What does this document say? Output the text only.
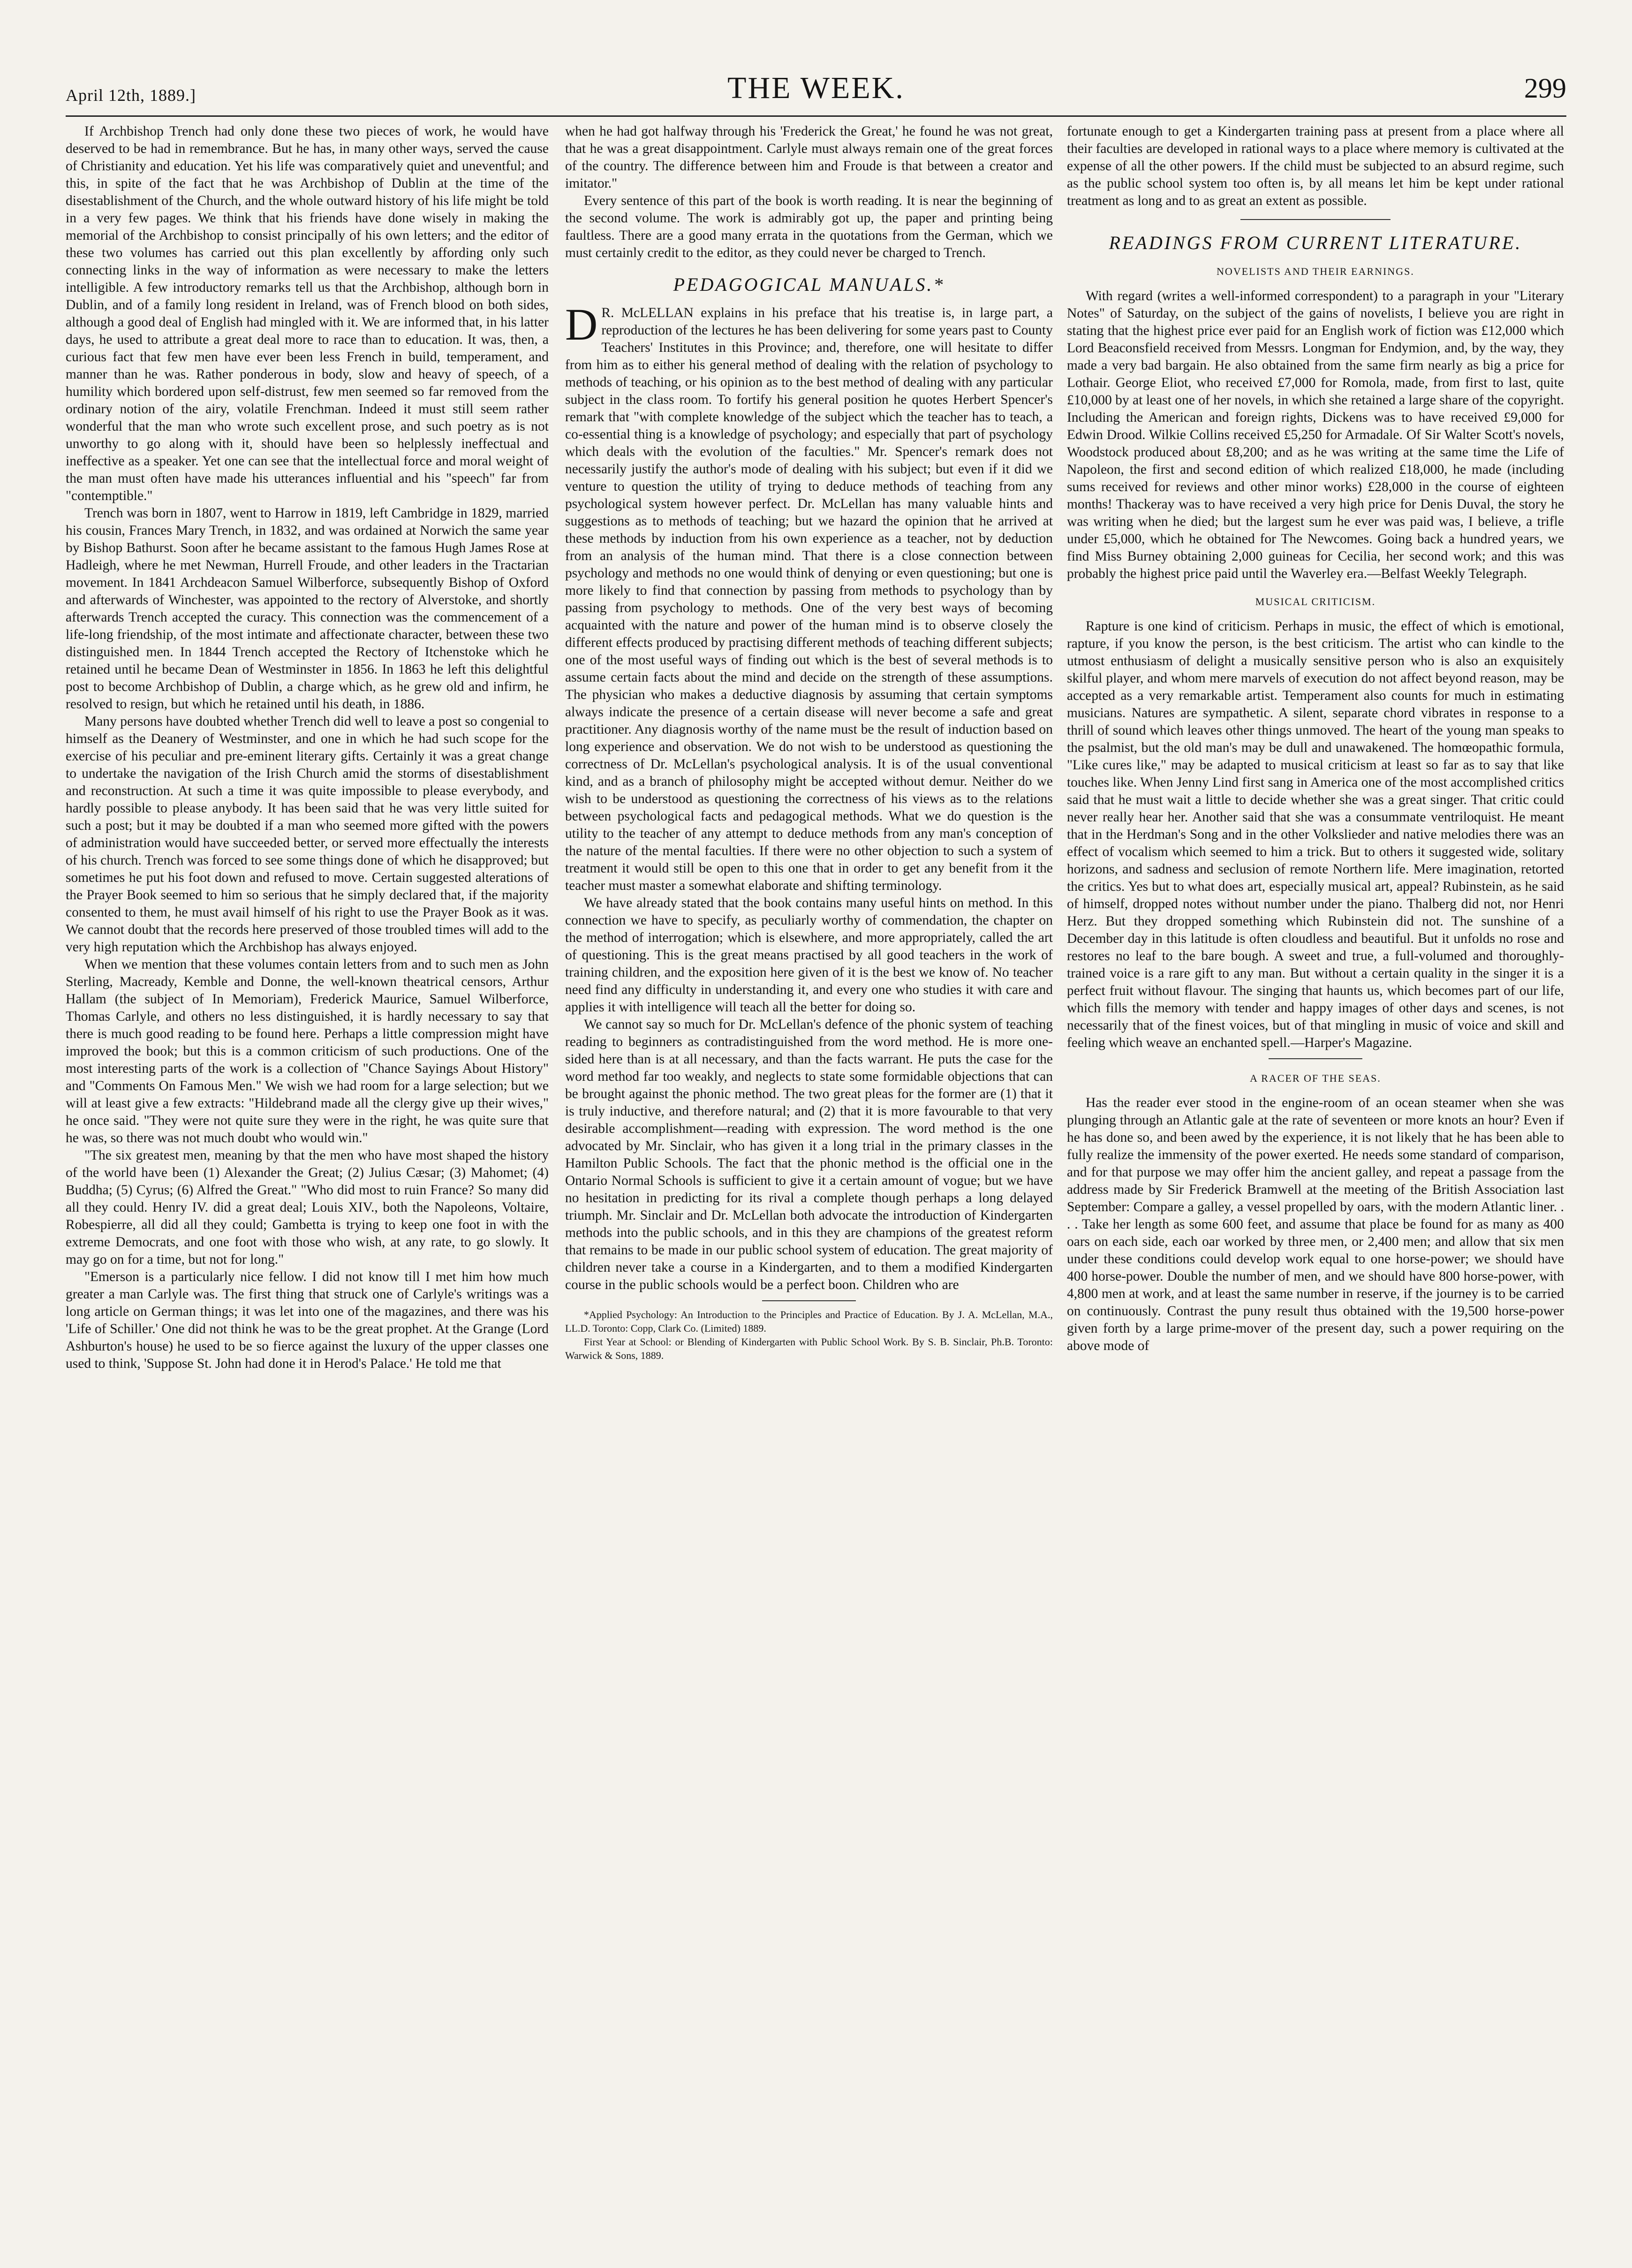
April 12th, 1889.]	THE WEEK.	299

If Archbishop Trench had only done these two pieces of work, he would have deserved to be had in remembrance. But he has, in many other ways, served the cause of Christianity and education. Yet his life was comparatively quiet and uneventful; and this, in spite of the fact that he was Archbishop of Dublin at the time of the disestablishment of the Church, and the whole outward history of his life might be told in a very few pages. We think that his friends have done wisely in making the memorial of the Archbishop to consist principally of his own letters; and the editor of these two volumes has carried out this plan excellently by affording only such connecting links in the way of information as were necessary to make the letters intelligible. A few introductory remarks tell us that the Archbishop, although born in Dublin, and of a family long resident in Ireland, was of French blood on both sides, although a good deal of English had mingled with it. We are informed that, in his latter days, he used to attribute a great deal more to race than to education. It was, then, a curious fact that few men have ever been less French in build, temperament, and manner than he was. Rather ponderous in body, slow and heavy of speech, of a humility which bordered upon self-distrust, few men seemed so far removed from the ordinary notion of the airy, volatile Frenchman. Indeed it must still seem rather wonderful that the man who wrote such excellent prose, and such poetry as is not unworthy to go along with it, should have been so helplessly ineffectual and ineffective as a speaker. Yet one can see that the intellectual force and moral weight of the man must often have made his utterances influential and his "speech" far from "contemptible."

Trench was born in 1807, went to Harrow in 1819, left Cambridge in 1829, married his cousin, Frances Mary Trench, in 1832, and was ordained at Norwich the same year by Bishop Bathurst. Soon after he became assistant to the famous Hugh James Rose at Hadleigh, where he met Newman, Hurrell Froude, and other leaders in the Tractarian movement. In 1841 Archdeacon Samuel Wilberforce, subsequently Bishop of Oxford and afterwards of Winchester, was appointed to the rectory of Alverstoke, and shortly afterwards Trench accepted the curacy. This connection was the commencement of a life-long friendship, of the most intimate and affectionate character, between these two distinguished men. In 1844 Trench accepted the Rectory of Itchenstoke which he retained until he became Dean of Westminster in 1856. In 1863 he left this delightful post to become Archbishop of Dublin, a charge which, as he grew old and infirm, he resolved to resign, but which he retained until his death, in 1886.

Many persons have doubted whether Trench did well to leave a post so congenial to himself as the Deanery of Westminster, and one in which he had such scope for the exercise of his peculiar and pre-eminent literary gifts. Certainly it was a great change to undertake the navigation of the Irish Church amid the storms of disestablishment and reconstruction. At such a time it was quite impossible to please everybody, and hardly possible to please anybody. It has been said that he was very little suited for such a post; but it may be doubted if a man who seemed more gifted with the powers of administration would have succeeded better, or served more effectually the interests of his church. Trench was forced to see some things done of which he disapproved; but sometimes he put his foot down and refused to move. Certain suggested alterations of the Prayer Book seemed to him so serious that he simply declared that, if the majority consented to them, he must avail himself of his right to use the Prayer Book as it was. We cannot doubt that the records here preserved of those troubled times will add to the very high reputation which the Archbishop has always enjoyed.

When we mention that these volumes contain letters from and to such men as John Sterling, Macready, Kemble and Donne, the well-known theatrical censors, Arthur Hallam (the subject of In Memoriam), Frederick Maurice, Samuel Wilberforce, Thomas Carlyle, and others no less distinguished, it is hardly necessary to say that there is much good reading to be found here. Perhaps a little compression might have improved the book; but this is a common criticism of such productions. One of the most interesting parts of the work is a collection of "Chance Sayings About History" and "Comments On Famous Men." We wish we had room for a large selection; but we will at least give a few extracts: "Hildebrand made all the clergy give up their wives," he once said. "They were not quite sure they were in the right, he was quite sure that he was, so there was not much doubt who would win."

"The six greatest men, meaning by that the men who have most shaped the history of the world have been (1) Alexander the Great; (2) Julius Cæsar; (3) Mahomet; (4) Buddha; (5) Cyrus; (6) Alfred the Great." "Who did most to ruin France? So many did all they could. Henry IV. did a great deal; Louis XIV., both the Napoleons, Voltaire, Robespierre, all did all they could; Gambetta is trying to keep one foot in with the extreme Democrats, and one foot with those who wish, at any rate, to go slowly. It may go on for a time, but not for long."

"Emerson is a particularly nice fellow. I did not know till I met him how much greater a man Carlyle was. The first thing that struck one of Carlyle's writings was a long article on German things; it was let into one of the magazines, and there was his 'Life of Schiller.' One did not think he was to be the great prophet. At the Grange (Lord Ashburton's house) he used to be so fierce against the luxury of the upper classes one used to think, 'Suppose St. John had done it in Herod's Palace.' He told me that

when he had got halfway through his 'Frederick the Great,' he found he was not great, that he was a great disappointment. Carlyle must always remain one of the great forces of the country. The difference between him and Froude is that between a creator and imitator."

Every sentence of this part of the book is worth reading. It is near the beginning of the second volume. The work is admirably got up, the paper and printing being faultless. There are a good many errata in the quotations from the German, which we must certainly credit to the editor, as they could never be charged to Trench.

PEDAGOGICAL MANUALS.*

D R. McLELLAN explains in his preface that his treatise is, in large part, a reproduction of the lectures he has been delivering for some years past to County Teachers' Institutes in this Province; and, therefore, one will hesitate to differ from him as to either his general method of dealing with the relation of psychology to methods of teaching, or his opinion as to the best method of dealing with any particular subject in the class room. To fortify his general position he quotes Herbert Spencer's remark that "with complete knowledge of the subject which the teacher has to teach, a co-essential thing is a knowledge of psychology; and especially that part of psychology which deals with the evolution of the faculties." Mr. Spencer's remark does not necessarily justify the author's mode of dealing with his subject; but even if it did we venture to question the utility of trying to deduce methods of teaching from any psychological system however perfect. Dr. McLellan has many valuable hints and suggestions as to methods of teaching; but we hazard the opinion that he arrived at these methods by induction from his own experience as a teacher, not by deduction from an analysis of the human mind. That there is a close connection between psychology and methods no one would think of denying or even questioning; but one is more likely to find that connection by passing from methods to psychology than by passing from psychology to methods. One of the very best ways of becoming acquainted with the nature and power of the human mind is to observe closely the different effects produced by practising different methods of teaching different subjects; one of the most useful ways of finding out which is the best of several methods is to assume certain facts about the mind and decide on the strength of these assumptions. The physician who makes a deductive diagnosis by assuming that certain symptoms always indicate the presence of a certain disease will never become a safe and great practitioner. Any diagnosis worthy of the name must be the result of induction based on long experience and observation. We do not wish to be understood as questioning the correctness of Dr. McLellan's psychological analysis. It is of the usual conventional kind, and as a branch of philosophy might be accepted without demur. Neither do we wish to be understood as questioning the correctness of his views as to the relations between psychological facts and pedagogical methods. What we do question is the utility to the teacher of any attempt to deduce methods from any man's conception of the nature of the mental faculties. If there were no other objection to such a system of treatment it would still be open to this one that in order to get any benefit from it the teacher must master a somewhat elaborate and shifting terminology.

We have already stated that the book contains many useful hints on method. In this connection we have to specify, as peculiarly worthy of commendation, the chapter on the method of interrogation; which is elsewhere, and more appropriately, called the art of questioning. This is the great means practised by all good teachers in the work of training children, and the exposition here given of it is the best we know of. No teacher need find any difficulty in understanding it, and every one who studies it with care and applies it with intelligence will teach all the better for doing so.

We cannot say so much for Dr. McLellan's defence of the phonic system of teaching reading to beginners as contradistinguished from the word method. He is more one-sided here than is at all necessary, and than the facts warrant. He puts the case for the word method far too weakly, and neglects to state some formidable objections that can be brought against the phonic method. The two great pleas for the former are (1) that it is truly inductive, and therefore natural; and (2) that it is more favourable to that very desirable accomplishment—reading with expression. The word method is the one advocated by Mr. Sinclair, who has given it a long trial in the primary classes in the Hamilton Public Schools. The fact that the phonic method is the official one in the Ontario Normal Schools is sufficient to give it a certain amount of vogue; but we have no hesitation in predicting for its rival a complete though perhaps a long delayed triumph. Mr. Sinclair and Dr. McLellan both advocate the introduction of Kindergarten methods into the public schools, and in this they are champions of the greatest reform that remains to be made in our public school system of education. The great majority of children never take a course in a Kindergarten, and to them a modified Kindergarten course in the public schools would be a perfect boon. Children who are

*Applied Psychology: An Introduction to the Principles and Practice of Education. By J. A. McLellan, M.A., LL.D. Toronto: Copp, Clark Co. (Limited) 1889.

First Year at School: or Blending of Kindergarten with Public School Work. By S. B. Sinclair, Ph.B. Toronto: Warwick & Sons, 1889.

fortunate enough to get a Kindergarten training pass at present from a place where all their faculties are developed in rational ways to a place where memory is cultivated at the expense of all the other powers. If the child must be subjected to an absurd regime, such as the public school system too often is, by all means let him be kept under rational treatment as long and to as great an extent as possible.

READINGS FROM CURRENT LITERATURE.
NOVELISTS AND THEIR EARNINGS.

With regard (writes a well-informed correspondent) to a paragraph in your "Literary Notes" of Saturday, on the subject of the gains of novelists, I believe you are right in stating that the highest price ever paid for an English work of fiction was £12,000 which Lord Beaconsfield received from Messrs. Longman for Endymion, and, by the way, they made a very bad bargain. He also obtained from the same firm nearly as big a price for Lothair. George Eliot, who received £7,000 for Romola, made, from first to last, quite £10,000 by at least one of her novels, in which she retained a large share of the copyright. Including the American and foreign rights, Dickens was to have received £9,000 for Edwin Drood. Wilkie Collins received £5,250 for Armadale. Of Sir Walter Scott's novels, Woodstock produced about £8,200; and as he was writing at the same time the Life of Napoleon, the first and second edition of which realized £18,000, he made (including sums received for reviews and other minor works) £28,000 in the course of eighteen months! Thackeray was to have received a very high price for Denis Duval, the story he was writing when he died; but the largest sum he ever was paid was, I believe, a trifle under £5,000, which he obtained for The Newcomes. Going back a hundred years, we find Miss Burney obtaining 2,000 guineas for Cecilia, her second work; and this was probably the highest price paid until the Waverley era.—Belfast Weekly Telegraph.

MUSICAL CRITICISM.

Rapture is one kind of criticism. Perhaps in music, the effect of which is emotional, rapture, if you know the person, is the best criticism. The artist who can kindle to the utmost enthusiasm of delight a musically sensitive person who is also an exquisitely skilful player, and whom mere marvels of execution do not affect beyond reason, may be accepted as a very remarkable artist. Temperament also counts for much in estimating musicians. Natures are sympathetic. A silent, separate chord vibrates in response to a thrill of sound which leaves other things unmoved. The heart of the young man speaks to the psalmist, but the old man's may be dull and unawakened. The homœopathic formula, "Like cures like," may be adapted to musical criticism at least so far as to say that like touches like. When Jenny Lind first sang in America one of the most accomplished critics said that he must wait a little to decide whether she was a great singer. That critic could never really hear her. Another said that she was a consummate ventriloquist. He meant that in the Herdman's Song and in the other Volkslieder and native melodies there was an effect of vocalism which seemed to him a trick. But to others it suggested wide, solitary horizons, and sadness and seclusion of remote Northern life. Mere imagination, retorted the critics. Yes but to what does art, especially musical art, appeal? Rubinstein, as he said of himself, dropped notes without number under the piano. Thalberg did not, nor Henri Herz. But they dropped something which Rubinstein did not. The sunshine of a December day in this latitude is often cloudless and beautiful. But it unfolds no rose and restores no leaf to the bare bough. A sweet and true, a full-volumed and thoroughly-trained voice is a rare gift to any man. But without a certain quality in the singer it is a perfect fruit without flavour. The singing that haunts us, which becomes part of our life, which fills the memory with tender and happy images of other days and scenes, is not necessarily that of the finest voices, but of that mingling in music of voice and skill and feeling which weave an enchanted spell.—Harper's Magazine.

A RACER OF THE SEAS.

Has the reader ever stood in the engine-room of an ocean steamer when she was plunging through an Atlantic gale at the rate of seventeen or more knots an hour? Even if he has done so, and been awed by the experience, it is not likely that he has been able to fully realize the immensity of the power exerted. He needs some standard of comparison, and for that purpose we may offer him the ancient galley, and repeat a passage from the address made by Sir Frederick Bramwell at the meeting of the British Association last September: Compare a galley, a vessel propelled by oars, with the modern Atlantic liner. . . . Take her length as some 600 feet, and assume that place be found for as many as 400 oars on each side, each oar worked by three men, or 2,400 men; and allow that six men under these conditions could develop work equal to one horse-power; we should have 400 horse-power. Double the number of men, and we should have 800 horse-power, with 4,800 men at work, and at least the same number in reserve, if the journey is to be carried on continuously. Contrast the puny result thus obtained with the 19,500 horse-power given forth by a large prime-mover of the present day, such a power requiring on the above mode of
